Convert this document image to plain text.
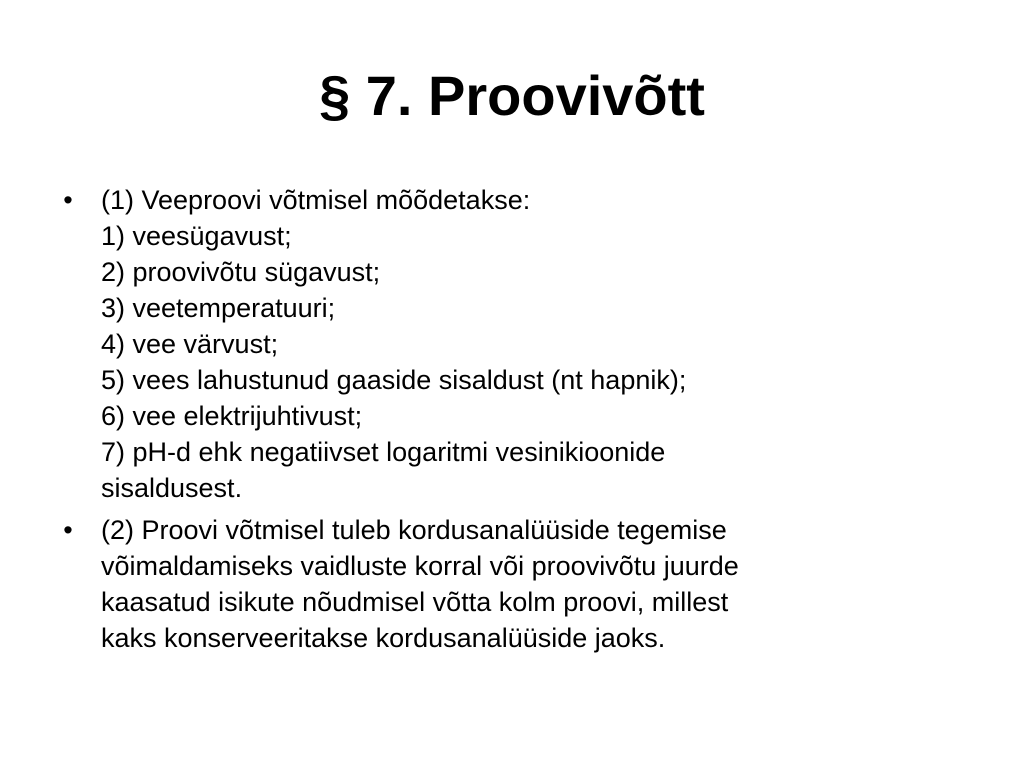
§ 7. Proovivõtt
• (1) Veeproovi võtmisel mõõdetakse:
1) veesügavust;
2) proovivõtu sügavust;
3) veetemperatuuri;
4) vee värvust;
5) vees lahustunud gaaside sisaldust (nt hapnik);
6) vee elektrijuhtivust;
7) pH-d ehk negatiivset logaritmi vesinikioonide
sisaldusest.
• (2) Proovi võtmisel tuleb kordusanalüüside tegemise
võimaldamiseks vaidluste korral või proovivõtu juurde
kaasatud isikute nõudmisel võtta kolm proovi, millest
kaks konserveeritakse kordusanalüüside jaoks.
